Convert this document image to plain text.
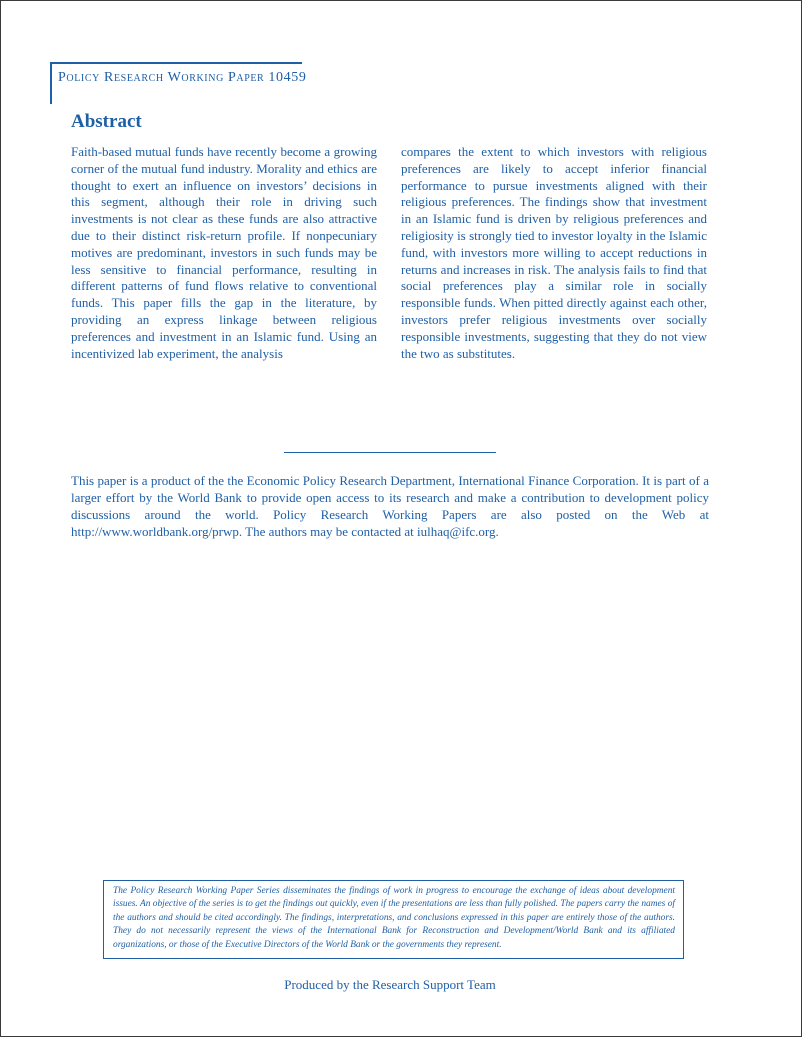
Policy Research Working Paper 10459
Abstract
Faith-based mutual funds have recently become a growing corner of the mutual fund industry. Morality and ethics are thought to exert an influence on investors’ decisions in this segment, although their role in driving such investments is not clear as these funds are also attractive due to their distinct risk-return profile. If nonpecuniary motives are predominant, investors in such funds may be less sensitive to financial performance, resulting in different patterns of fund flows relative to conventional funds. This paper fills the gap in the literature, by providing an express linkage between religious preferences and investment in an Islamic fund. Using an incentivized lab experiment, the analysis
compares the extent to which investors with religious preferences are likely to accept inferior financial performance to pursue investments aligned with their religious preferences. The findings show that investment in an Islamic fund is driven by religious preferences and religiosity is strongly tied to investor loyalty in the Islamic fund, with investors more willing to accept reductions in returns and increases in risk. The analysis fails to find that social preferences play a similar role in socially responsible funds. When pitted directly against each other, investors prefer religious investments over socially responsible investments, suggesting that they do not view the two as substitutes.
This paper is a product of the the Economic Policy Research Department, International Finance Corporation. It is part of a larger effort by the World Bank to provide open access to its research and make a contribution to development policy discussions around the world. Policy Research Working Papers are also posted on the Web at http://www.worldbank.org/prwp. The authors may be contacted at iulhaq@ifc.org.
The Policy Research Working Paper Series disseminates the findings of work in progress to encourage the exchange of ideas about development issues. An objective of the series is to get the findings out quickly, even if the presentations are less than fully polished. The papers carry the names of the authors and should be cited accordingly. The findings, interpretations, and conclusions expressed in this paper are entirely those of the authors. They do not necessarily represent the views of the International Bank for Reconstruction and Development/World Bank and its affiliated organizations, or those of the Executive Directors of the World Bank or the governments they represent.
Produced by the Research Support Team
